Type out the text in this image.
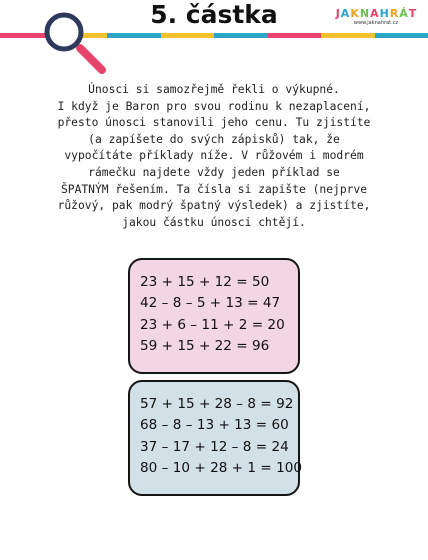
5. částka	J A K N A H R Á T
www.jaknahrat.cz
Únosci si samozřejmě řekli o výkupné.
I když je Baron pro svou rodinu k nezaplacení,
přesto únosci stanovili jeho cenu. Tu zjistíte
(a zapíšete do svých zápisků) tak, že
vypočítáte příklady níže. V růžovém i modrém
rámečku najdete vždy jeden příklad se
ŠPATNÝM řešením. Ta čísla si zapište (nejprve
růžový, pak modrý špatný výsledek) a zjistíte,
jakou částku únosci chtějí.
23 + 15 + 12 = 50
42 – 8 – 5 + 13 = 47
23 + 6 – 11 + 2 = 20
59 + 15 + 22 = 96
57 + 15 + 28 – 8 = 92
68 – 8 – 13 + 13 = 60
37 – 17 + 12 – 8 = 24
80 – 10 + 28 + 1 = 100
